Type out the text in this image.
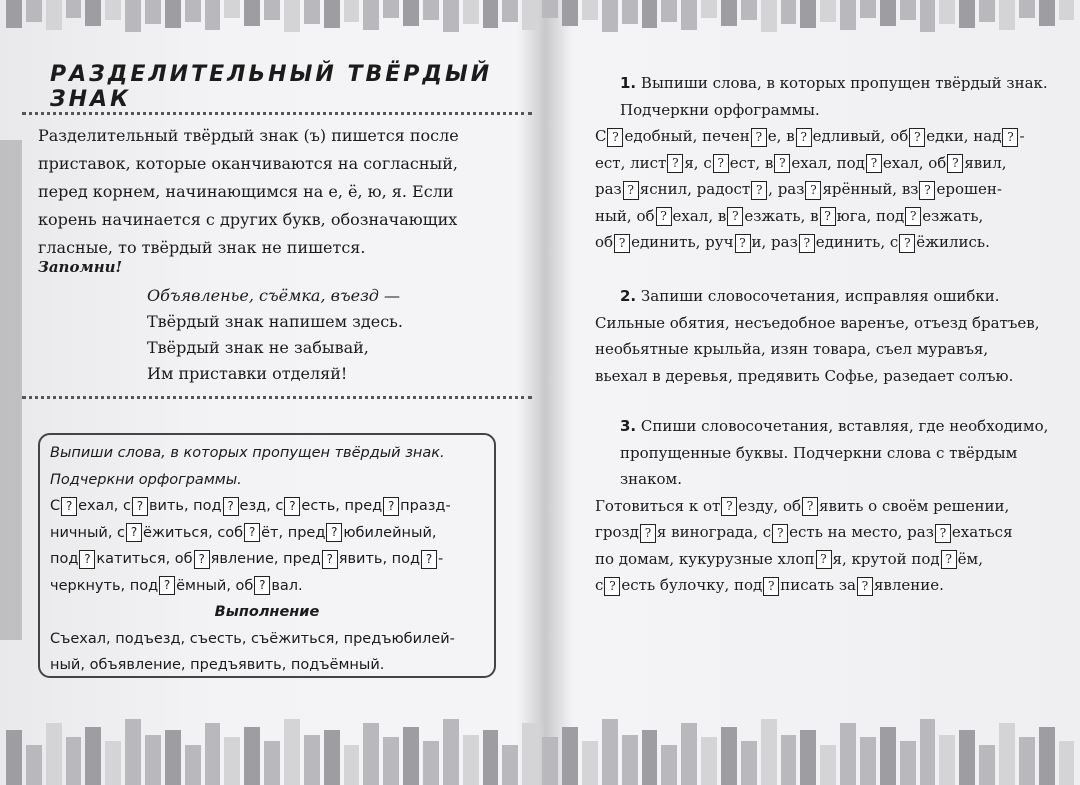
РАЗДЕЛИТЕЛЬНЫЙ ТВЁРДЫЙ ЗНАК
Разделительный твёрдый знак (ъ) пишется после
приставок, которые оканчиваются на согласный,
перед корнем, начинающимся на е, ё, ю, я. Если
корень начинается с других букв, обозначающих
гласные, то твёрдый знак не пишется.
Запомни!
Объявленье, съёмка, въезд —
Твёрдый знак напишем здесь.
Твёрдый знак не забывай,
Им приставки отделяй!
Выпиши слова, в которых пропущен твёрдый знак.
Подчеркни орфограммы.
С ? ехал, с ? вить, под ? езд, с ? есть, пред ? празд-
ничный, с ? ёжиться, соб ? ёт, пред ? юбилейный,
под ? катиться, об ? явление, пред ? явить, под ? -
черкнуть, под ? ёмный, об ? вал.
Выполнение
Съехал, подъезд, съесть, съёжиться, предъюбилей-
ный, объявление, предъявить, подъёмный.
1. Выпиши слова, в которых пропущен твёрдый знак.
Подчеркни орфограммы.
С ? едобный, печен ? е, в ? едливый, об ? едки, над ? -
ест, лист ? я, с ? ест, в ? ехал, под ? ехал, об ? явил,
раз ? яснил, радост ? , раз ? ярённый, вз ? ерошен-
ный, об ? ехал, в ? езжать, в ? юга, под ? езжать,
об ? единить, руч ? и, раз ? единить, с ? ёжились.
2. Запиши словосочетания, исправляя ошибки.
Сильные обятия, несъедобное варенъе, отъезд братъев,
необьятные крыльйа, изян товара, съел муравъя,
вьехал в деревья, предявить Софье, разедает солъю.
3. Спиши словосочетания, вставляя, где необходимо,
пропущенные буквы. Подчеркни слова с твёрдым
знаком.
Готовиться к от ? езду, об ? явить о своём решении,
грозд ? я винограда, с ? есть на место, раз ? ехаться
по домам, кукурузные хлоп ? я, крутой под ? ём,
с ? есть булочку, под ? писать за ? явление.
